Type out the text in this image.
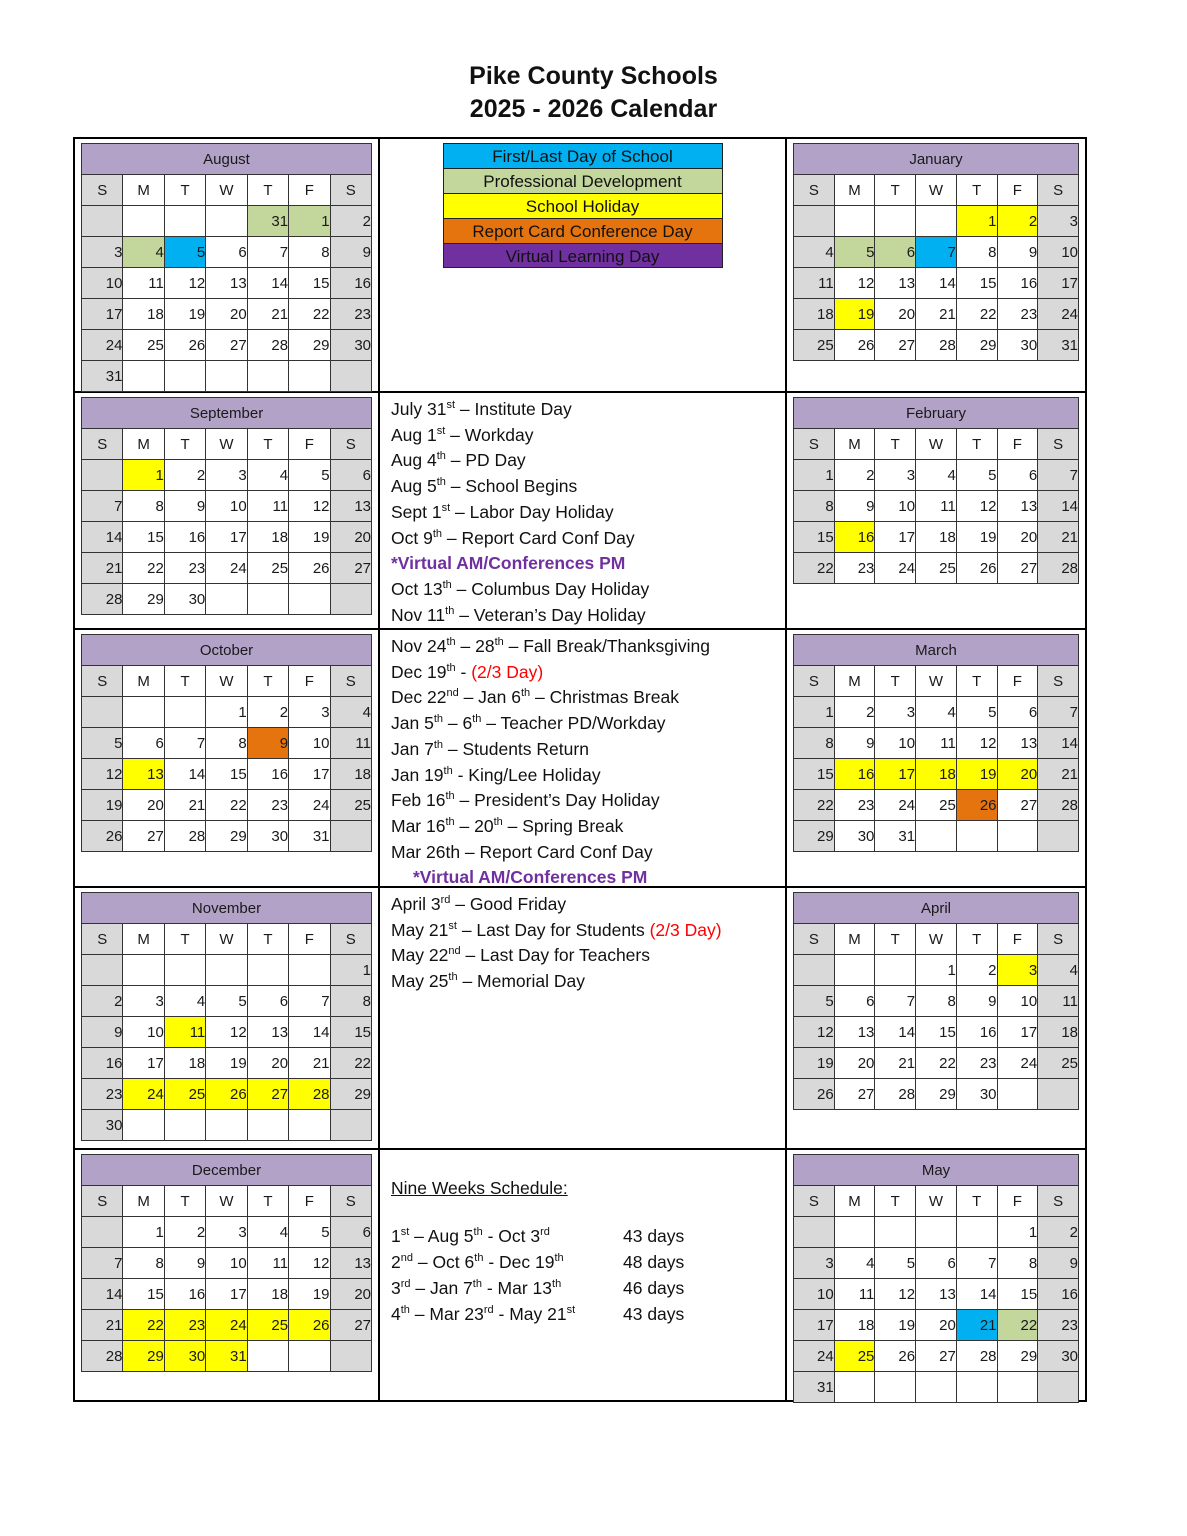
Pike County Schools
2025 - 2026 Calendar
August						
S	M	T	W	T	F	S
				31	1	2
3	4	5	6	7	8	9
10	11	12	13	14	15	16
17	18	19	20	21	22	23
24	25	26	27	28	29	30
31						
First/Last Day of School
Professional Development
School Holiday
Report Card Conference Day
Virtual Learning Day
January						
S	M	T	W	T	F	S
				1	2	3
4	5	6	7	8	9	10
11	12	13	14	15	16	17
18	19	20	21	22	23	24
25	26	27	28	29	30	31
September						
S	M	T	W	T	F	S
	1	2	3	4	5	6
7	8	9	10	11	12	13
14	15	16	17	18	19	20
21	22	23	24	25	26	27
28	29	30				
July 31st – Institute Day
Aug 1st – Workday
Aug 4th – PD Day
Aug 5th – School Begins
Sept 1st – Labor Day Holiday
Oct 9th – Report Card Conf Day
*Virtual AM/Conferences PM
Oct 13th – Columbus Day Holiday
Nov 11th – Veteran’s Day Holiday
February						
S	M	T	W	T	F	S
1	2	3	4	5	6	7
8	9	10	11	12	13	14
15	16	17	18	19	20	21
22	23	24	25	26	27	28
October						
S	M	T	W	T	F	S
			1	2	3	4
5	6	7	8	9	10	11
12	13	14	15	16	17	18
19	20	21	22	23	24	25
26	27	28	29	30	31	
Nov 24th – 28th – Fall Break/Thanksgiving
Dec 19th - (2/3 Day)
Dec 22nd – Jan 6th – Christmas Break
Jan 5th – 6th – Teacher PD/Workday
Jan 7th – Students Return
Jan 19th - King/Lee Holiday
Feb 16th – President’s Day Holiday
Mar 16th – 20th – Spring Break
Mar 26th – Report Card Conf Day
*Virtual AM/Conferences PM
March						
S	M	T	W	T	F	S
1	2	3	4	5	6	7
8	9	10	11	12	13	14
15	16	17	18	19	20	21
22	23	24	25	26	27	28
29	30	31				
November						
S	M	T	W	T	F	S
						1
2	3	4	5	6	7	8
9	10	11	12	13	14	15
16	17	18	19	20	21	22
23	24	25	26	27	28	29
30						
April 3rd – Good Friday
May 21st – Last Day for Students (2/3 Day)
May 22nd – Last Day for Teachers
May 25th – Memorial Day
April						
S	M	T	W	T	F	S
			1	2	3	4
5	6	7	8	9	10	11
12	13	14	15	16	17	18
19	20	21	22	23	24	25
26	27	28	29	30		
December						
S	M	T	W	T	F	S
	1	2	3	4	5	6
7	8	9	10	11	12	13
14	15	16	17	18	19	20
21	22	23	24	25	26	27
28	29	30	31			
Nine Weeks Schedule:
1st – Aug 5th - Oct 3rd	43 days
2nd – Oct 6th - Dec 19th	48 days
3rd – Jan 7th - Mar 13th	46 days
4th – Mar 23rd - May 21st	43 days
May						
S	M	T	W	T	F	S
					1	2
3	4	5	6	7	8	9
10	11	12	13	14	15	16
17	18	19	20	21	22	23
24	25	26	27	28	29	30
31						
